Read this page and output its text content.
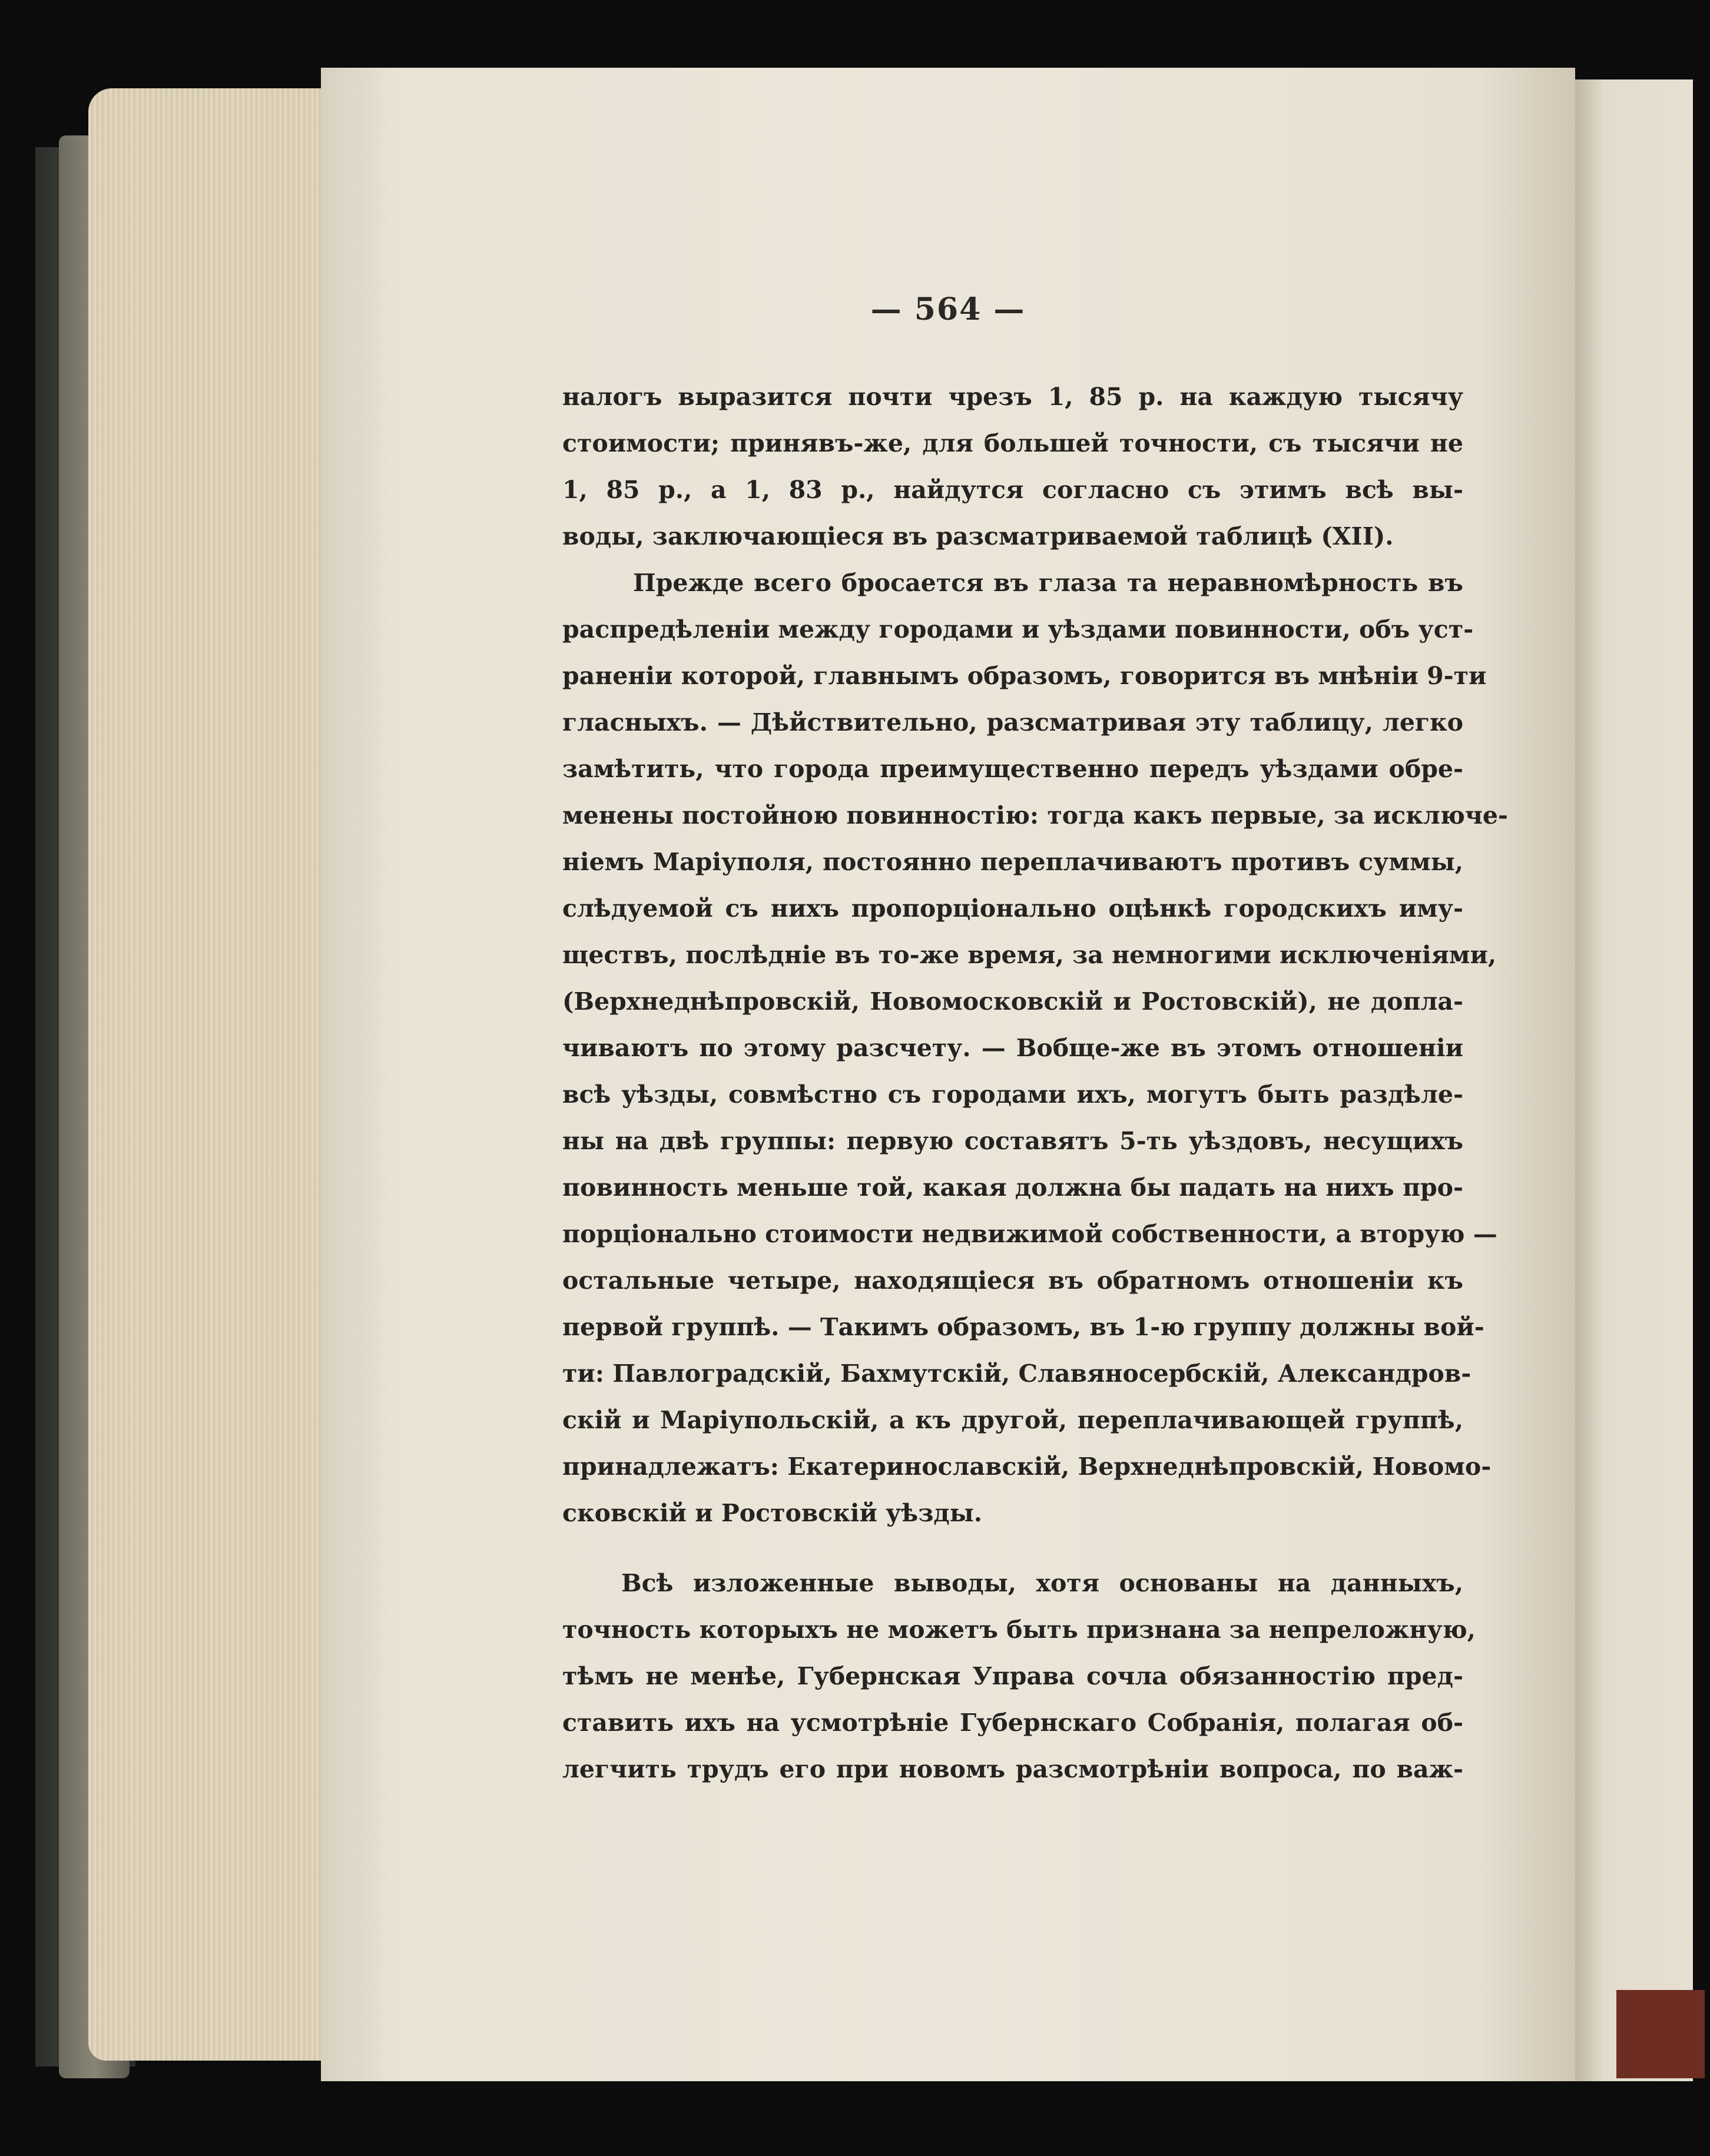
— 564 —

налогъ выразится почти чрезъ 1, 85 р. на каждую тысячу

стоимости; принявъ-же, для большей точности, съ тысячи не

1, 85 р., а 1, 83 р., найдутся согласно съ этимъ всѣ вы-

воды, заключающіеся въ разсматриваемой таблицѣ (XII).

Прежде всего бросается въ глаза та неравномѣрность въ

распредѣленіи между городами и уѣздами повинности, объ уст-

раненіи которой, главнымъ образомъ, говорится въ мнѣніи 9-ти

гласныхъ. — Дѣйствительно, разсматривая эту таблицу, легко

замѣтить, что города преимущественно передъ уѣздами обре-

менены постойною повинностію: тогда какъ первые, за исключе-

ніемъ Маріуполя, постоянно переплачиваютъ противъ суммы,

слѣдуемой съ нихъ пропорціонально оцѣнкѣ городскихъ иму-

ществъ, послѣдніе въ то-же время, за немногими исключеніями,

(Верхнеднѣпровскій, Новомосковскій и Ростовскій), не допла-

чиваютъ по этому разсчету. — Вобще-же въ этомъ отношеніи

всѣ уѣзды, совмѣстно съ городами ихъ, могутъ быть раздѣле-

ны на двѣ группы: первую составятъ 5-ть уѣздовъ, несущихъ

повинность меньше той, какая должна бы падать на нихъ про-

порціонально стоимости недвижимой собственности, а вторую —

остальные четыре, находящіеся въ обратномъ отношеніи къ

первой группѣ. — Такимъ образомъ, въ 1-ю группу должны вой-

ти: Павлоградскій, Бахмутскій, Славяносербскій, Александров-

скій и Маріупольскій, а къ другой, переплачивающей группѣ,

принадлежатъ: Екатеринославскій, Верхнеднѣпровскій, Новомо-

сковскій и Ростовскій уѣзды.

Всѣ изложенные выводы, хотя основаны на данныхъ,

точность которыхъ не можетъ быть признана за непреложную,

тѣмъ не менѣе, Губернская Управа сочла обязанностію пред-

ставить ихъ на усмотрѣніе Губернскаго Собранія, полагая об-

легчить трудъ его при новомъ разсмотрѣніи вопроса, по важ-
